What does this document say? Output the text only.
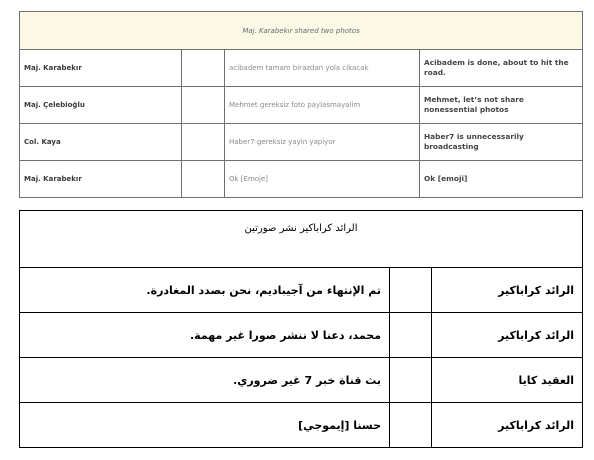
Maj. Karabekır shared two photos			
Maj. Karabekır		acibadem tamam birazdan yola cikacak	Acibadem is done, about to hit the road.
Maj. Çelebioğlu		Mehmet gereksiz foto paylasmayalim	Mehmet, let’s not share nonessential photos
Col. Kaya		Haber7 gereksiz yayin yapiyor	Haber7 is unnecessarily broadcasting
Maj. Karabekır		Ok [Emoje]	Ok [emoji]
الرائد كراباكير نشر صورتين		
الرائد كراباكير		تم الإنتهاء من آجيباديم، نحن بصدد المغادرة.
الرائد كراباكير		محمد، دعنا لا ننشر صورا غير مهمة.
العقيد كايا		بث قناة خبر 7 غير ضروري.
الرائد كراباكير		حسنا [إيموجي]
